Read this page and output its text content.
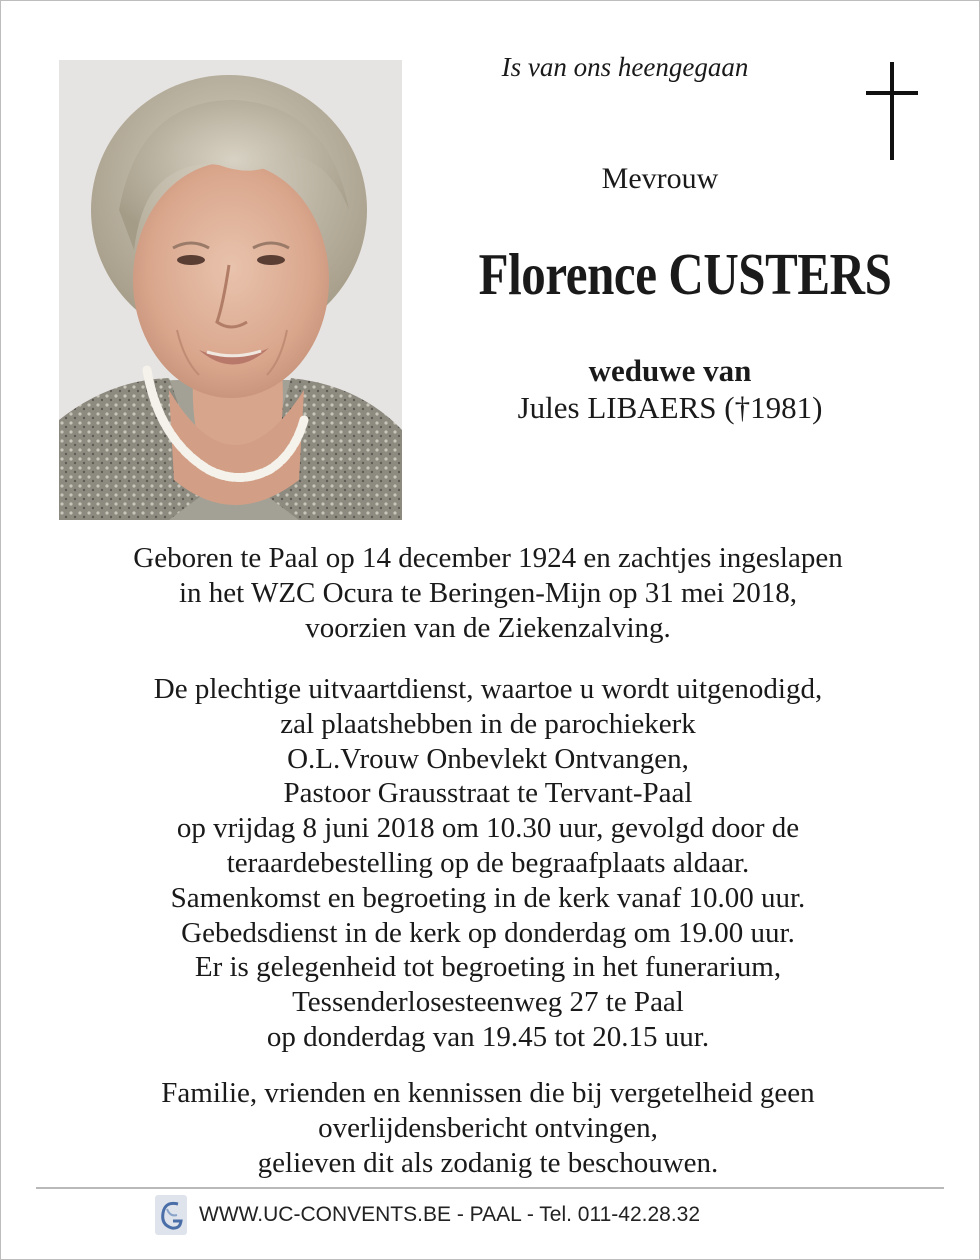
Is van ons heengegaan
Mevrouw
Florence CUSTERS
weduwe van
Jules LIBAERS (†1981)
Geboren te Paal op 14 december 1924 en zachtjes ingeslapen
in het WZC Ocura te Beringen-Mijn op 31 mei 2018,
voorzien van de Ziekenzalving.
De plechtige uitvaartdienst, waartoe u wordt uitgenodigd,
zal plaatshebben in de parochiekerk
O.L.Vrouw Onbevlekt Ontvangen,
Pastoor Grausstraat te Tervant-Paal
op vrijdag 8 juni 2018 om 10.30 uur, gevolgd door de
teraardebestelling op de begraafplaats aldaar.
Samenkomst en begroeting in de kerk vanaf 10.00 uur.
Gebedsdienst in de kerk op donderdag om 19.00 uur.
Er is gelegenheid tot begroeting in het funerarium,
Tessenderlosesteenweg 27 te Paal
op donderdag van 19.45 tot 20.15 uur.
Familie, vrienden en kennissen die bij vergetelheid geen
overlijdensbericht ontvingen,
gelieven dit als zodanig te beschouwen.
WWW.UC-CONVENTS.BE - PAAL - Tel. 011-42.28.32
